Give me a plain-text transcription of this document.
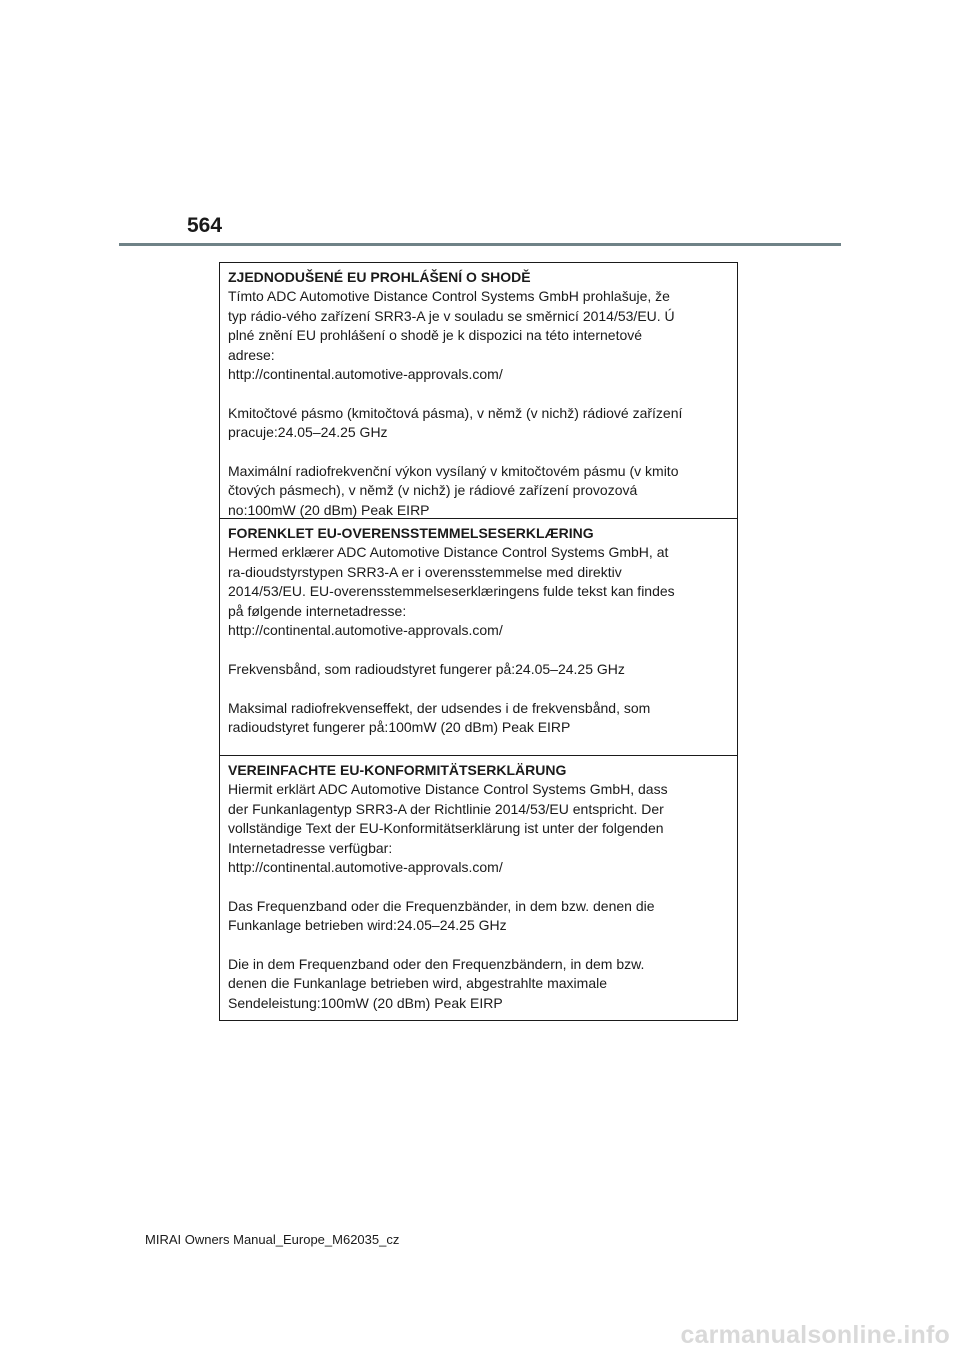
564
ZJEDNODUŠENÉ EU PROHLÁŠENÍ O SHODĚ

Tímto ADC Automotive Distance Control Systems GmbH prohlašuje, že

typ rádio-vého zařízení SRR3-A je v souladu se směrnicí 2014/53/EU. Ú

plné znění EU prohlášení o shodě je k dispozici na této internetové

adrese:

http://continental.automotive-approvals.com/

Kmitočtové pásmo (kmitočtová pásma), v němž (v nichž) rádiové zařízení

pracuje:24.05–24.25 GHz

Maximální radiofrekvenční výkon vysílaný v kmitočtovém pásmu (v kmito

čtových pásmech), v němž (v nichž) je rádiové zařízení provozová

no:100mW (20 dBm) Peak EIRP

FORENKLET EU-OVERENSSTEMMELSESERKLÆRING

Hermed erklærer ADC Automotive Distance Control Systems GmbH, at

ra-dioudstyrstypen SRR3-A er i overensstemmelse med direktiv

2014/53/EU. EU-overensstemmelseserklæringens fulde tekst kan findes

på følgende internetadresse:

http://continental.automotive-approvals.com/

Frekvensbånd, som radioudstyret fungerer på:24.05–24.25 GHz

Maksimal radiofrekvenseffekt, der udsendes i de frekvensbånd, som

radioudstyret fungerer på:100mW (20 dBm) Peak EIRP

VEREINFACHTE EU-KONFORMITÄTSERKLÄRUNG

Hiermit erklärt ADC Automotive Distance Control Systems GmbH, dass

der Funkanlagentyp SRR3-A der Richtlinie 2014/53/EU entspricht. Der

vollständige Text der EU-Konformitätserklärung ist unter der folgenden

Internetadresse verfügbar:

http://continental.automotive-approvals.com/

Das Frequenzband oder die Frequenzbänder, in dem bzw. denen die

Funkanlage betrieben wird:24.05–24.25 GHz

Die in dem Frequenzband oder den Frequenzbändern, in dem bzw.

denen die Funkanlage betrieben wird, abgestrahlte maximale

Sendeleistung:100mW (20 dBm) Peak EIRP

MIRAI Owners Manual_Europe_M62035_cz
carmanualsonline.info
